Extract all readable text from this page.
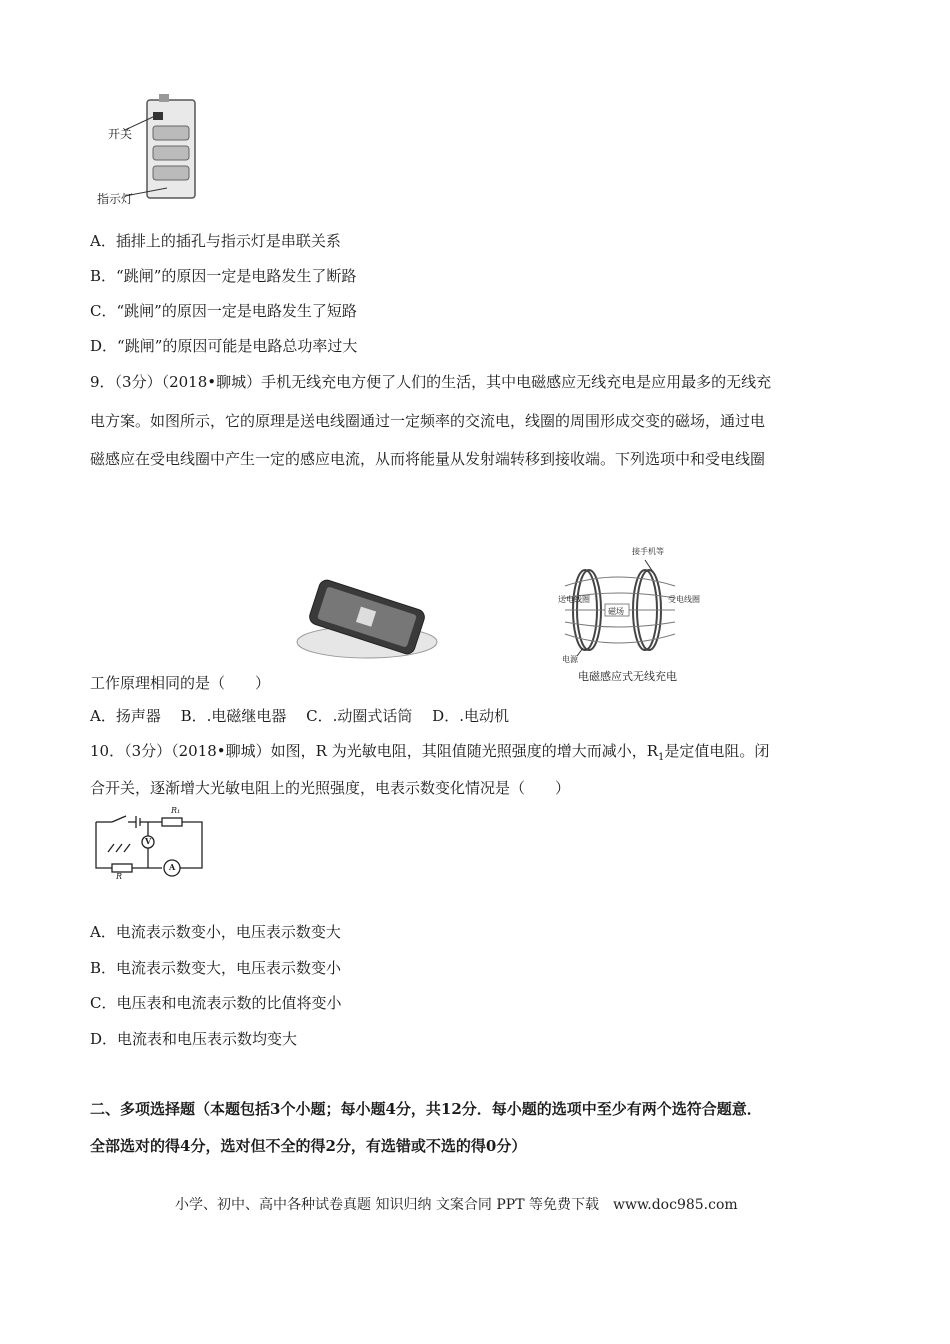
开关
指示灯
A．插排上的插孔与指示灯是串联关系
B．“跳闸”的原因一定是电路发生了断路
C．“跳闸”的原因一定是电路发生了短路
D．“跳闸”的原因可能是电路总功率过大
9．（3分）（2018•聊城）手机无线充电方便了人们的生活，其中电磁感应无线充电是应用最多的无线充
电方案。如图所示，它的原理是送电线圈通过一定频率的交流电，线圈的周围形成交变的磁场，通过电
磁感应在受电线圈中产生一定的感应电流，从而将能量从发射端转移到接收端。下列选项中和受电线圈
接手机等
送电线圈	受电线圈
磁场
电源
电磁感应式无线充电
工作原理相同的是（　　）
A．扬声器　 B．.电磁继电器　 C．.动圈式话筒　 D．.电动机
10．（3分）（2018•聊城）如图，R 为光敏电阻，其阻值随光照强度的增大而减小，$R_1$是定值电阻。闭
合开关，逐渐增大光敏电阻上的光照强度，电表示数变化情况是（　　）
R₁
R
V
A
A．电流表示数变小，电压表示数变大
B．电流表示数变大，电压表示数变小
C．电压表和电流表示数的比值将变小
D．电流表和电压表示数均变大
二、多项选择题（本题包括3个小题；每小题4分，共12分．每小题的选项中至少有两个选符合题意．
全部选对的得4分，选对但不全的得2分，有选错或不选的得0分）
小学、初中、高中各种试卷真题 知识归纳 文案合同 PPT 等免费下载　www.doc985.com
